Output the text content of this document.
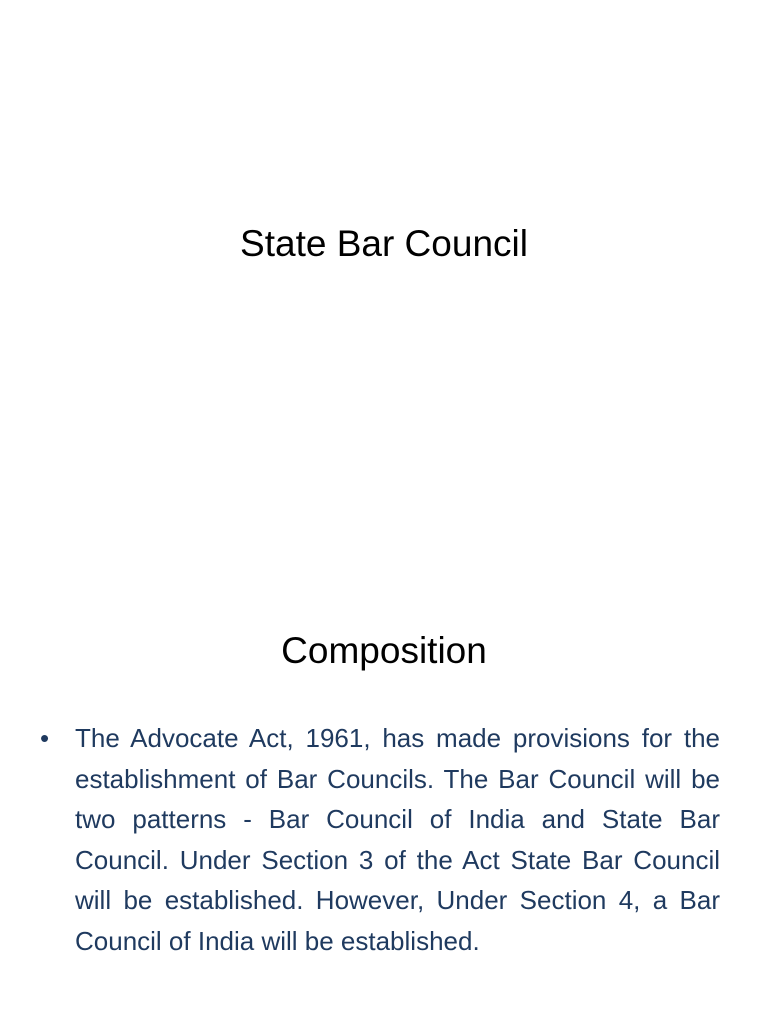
State Bar Council
Composition
• The Advocate Act, 1961, has made provisions for the establishment of Bar Councils. The Bar Council will be two patterns - Bar Council of India and State Bar Council. Under Section 3 of the Act State Bar Council will be established. However, Under Section 4, a Bar Council of India will be established.
